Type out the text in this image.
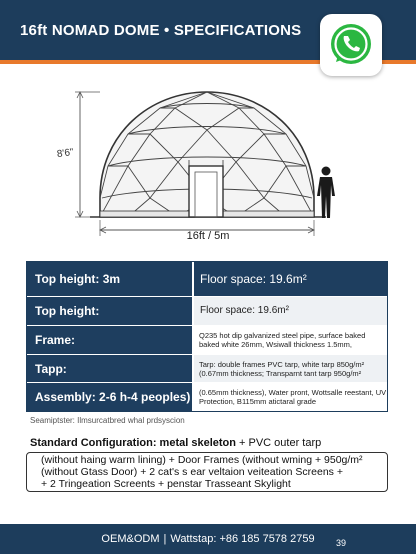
16ft NOMAD DOME • SPECIFICATIONS
8'6"
16ft / 5m
Top height: 3m	Floor space: 19.6m²
Top height:	Floor space: 19.6m²
Frame:	Q235 hot dip galvanized steel pipe, surface baked baked white 26mm, Wsiwall thickness 1.5mm,
Tapp:	Tarp: double frames PVC tarp, white tarp 850g/m² (0.67mm thickness; Transparnt tant tarp 950g/m²
Assembly: 2-6 h-4 peoples)	(0.65mm thickness), Water pront, Wottsalle reestant, UV Protection, B115mm atictaral grade
Seamiptster: Ilmsurcatbred whal prdsyscion
Standard Configuration: metal skeleton + PVC outer tarp
(without haing warm lining) + Door Frames (without wming + 950g/m²
(without Gtass Door) + 2 cat's s ear veltaion veiteation Screens +
+ 2 Tringeation Screents + penstar Trasseant Skylight
OEM&ODM | Wattstap: +86 185 7578 2759	39
